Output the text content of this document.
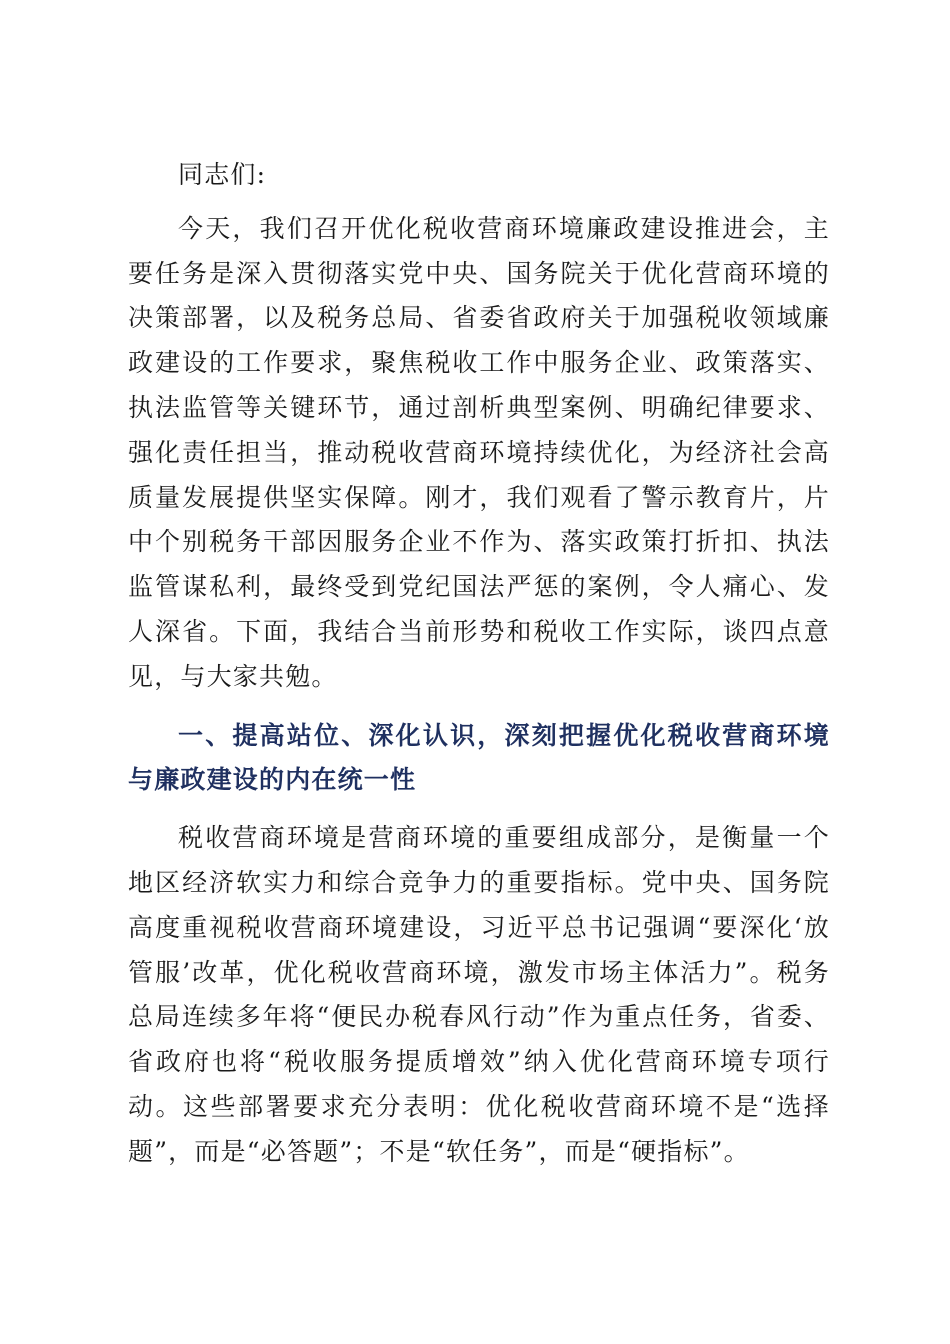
同志们:

今天，我们召开优化税收营商环境廉政建设推进会，主要任务是深入贯彻落实党中央、国务院关于优化营商环境的决策部署，以及税务总局、省委省政府关于加强税收领域廉政建设的工作要求，聚焦税收工作中服务企业、政策落实、执法监管等关键环节，通过剖析典型案例、明确纪律要求、强化责任担当，推动税收营商环境持续优化，为经济社会高质量发展提供坚实保障。刚才，我们观看了警示教育片，片中个别税务干部因服务企业不作为、落实政策打折扣、执法监管谋私利，最终受到党纪国法严惩的案例，令人痛心、发人深省。下面，我结合当前形势和税收工作实际，谈四点意见，与大家共勉。

一、提高站位、深化认识，深刻把握优化税收营商环境与廉政建设的内在统一性

税收营商环境是营商环境的重要组成部分，是衡量一个地区经济软实力和综合竞争力的重要指标。党中央、国务院高度重视税收营商环境建设，习近平总书记强调“要深化‘放管服’改革，优化税收营商环境，激发市场主体活力”。税务总局连续多年将“便民办税春风行动”作为重点任务，省委、省政府也将“税收服务提质增效”纳入优化营商环境专项行动。这些部署要求充分表明：优化税收营商环境不是“选择题”，而是“必答题”；不是“软任务”，而是“硬指标”。
